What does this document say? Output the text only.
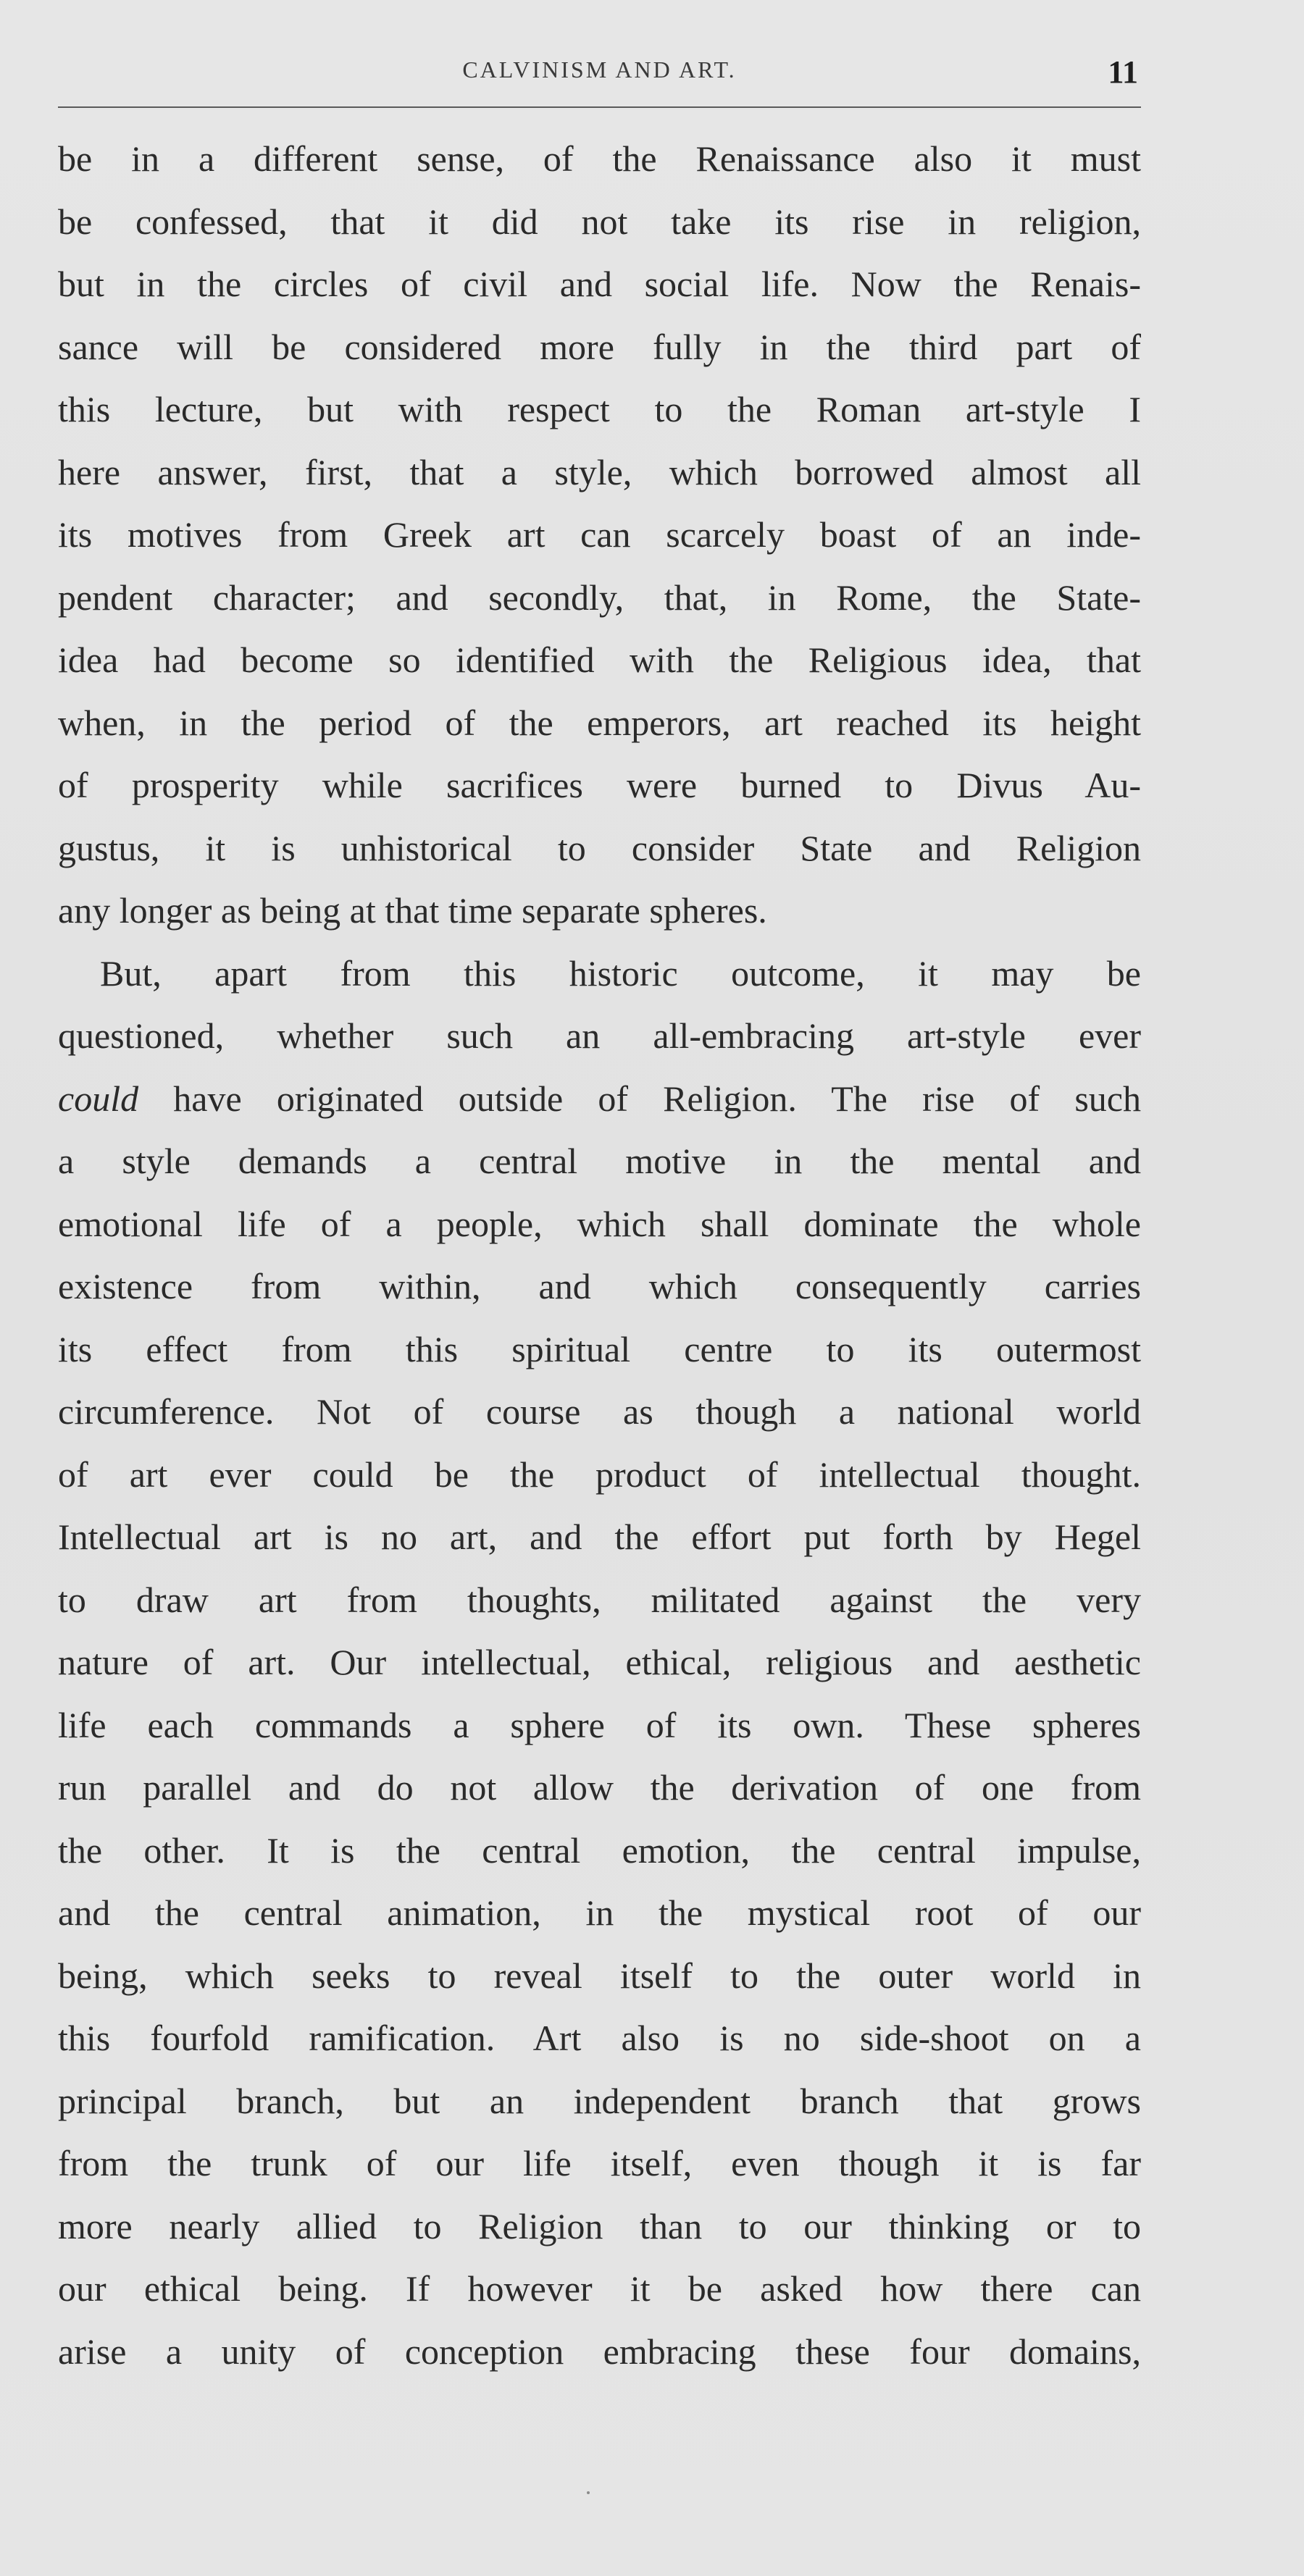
CALVINISM AND ART.	11
be in a different sense, of the Renaissance also it must
be confessed, that it did not take its rise in religion,
but in the circles of civil and social life. Now the Renais-
sance will be considered more fully in the third part of
this lecture, but with respect to the Roman art-style I
here answer, first, that a style, which borrowed almost all
its motives from Greek art can scarcely boast of an inde-
pendent character; and secondly, that, in Rome, the State-
idea had become so identified with the Religious idea, that
when, in the period of the emperors, art reached its height
of prosperity while sacrifices were burned to Divus Au-
gustus, it is unhistorical to consider State and Religion
any longer as being at that time separate spheres.
But, apart from this historic outcome, it may be
questioned, whether such an all-embracing art-style ever
could have originated outside of Religion. The rise of such
a style demands a central motive in the mental and
emotional life of a people, which shall dominate the whole
existence from within, and which consequently carries
its effect from this spiritual centre to its outermost
circumference. Not of course as though a national world
of art ever could be the product of intellectual thought.
Intellectual art is no art, and the effort put forth by Hegel
to draw art from thoughts, militated against the very
nature of art. Our intellectual, ethical, religious and aesthetic
life each commands a sphere of its own. These spheres
run parallel and do not allow the derivation of one from
the other. It is the central emotion, the central impulse,
and the central animation, in the mystical root of our
being, which seeks to reveal itself to the outer world in
this fourfold ramification. Art also is no side-shoot on a
principal branch, but an independent branch that grows
from the trunk of our life itself, even though it is far
more nearly allied to Religion than to our thinking or to
our ethical being. If however it be asked how there can
arise a unity of conception embracing these four domains,
